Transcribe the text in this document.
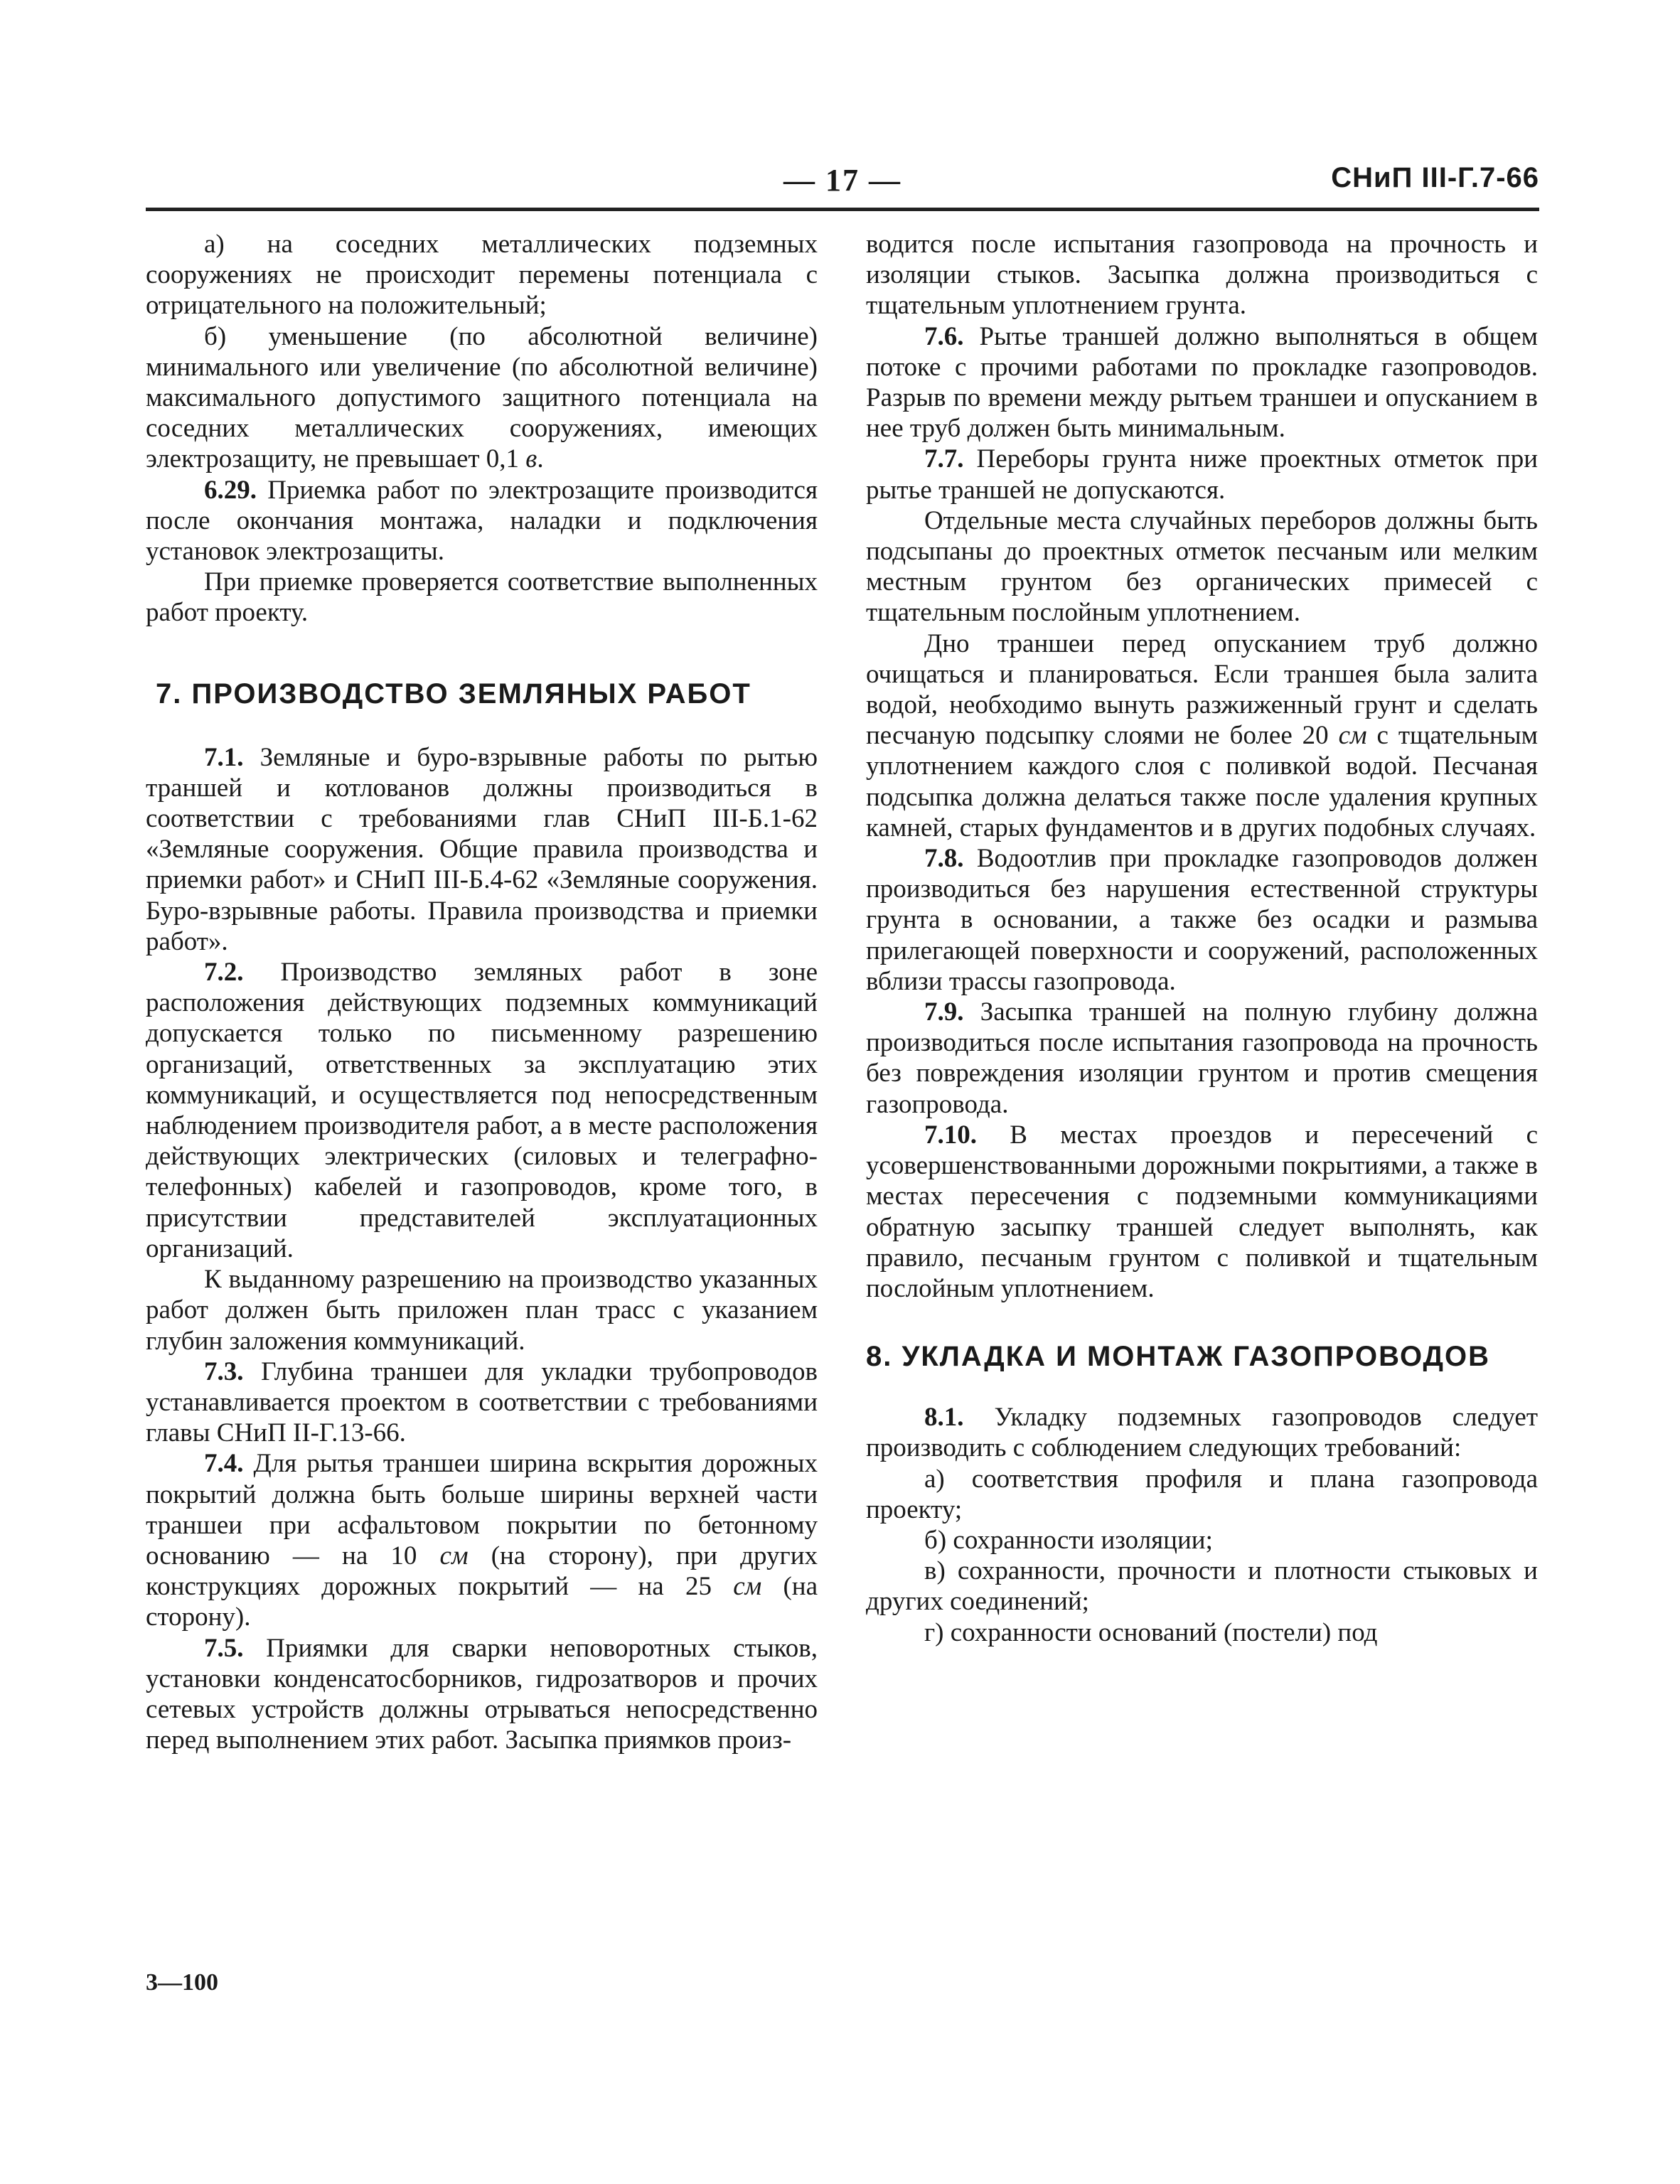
— 17 —	СНиП III-Г.7-66

а) на соседних металлических подземных сооружениях не происходит перемены потенциала с отрицательного на положительный;

б) уменьшение (по абсолютной величине) минимального или увеличение (по абсолютной величине) максимального допустимого защитного потенциала на соседних металлических сооружениях, имеющих электрозащиту, не превышает 0,1 в.

6.29. Приемка работ по электрозащите производится после окончания монтажа, наладки и подключения установок электрозащиты.

При приемке проверяется соответствие выполненных работ проекту.

7. ПРОИЗВОДСТВО ЗЕМЛЯНЫХ РАБОТ

7.1. Земляные и буро-взрывные работы по рытью траншей и котлованов должны производиться в соответствии с требованиями глав СНиП III-Б.1-62 «Земляные сооружения. Общие правила производства и приемки работ» и СНиП III-Б.4-62 «Земляные сооружения. Буро-взрывные работы. Правила производства и приемки работ».

7.2. Производство земляных работ в зоне расположения действующих подземных коммуникаций допускается только по письменному разрешению организаций, ответственных за эксплуатацию этих коммуникаций, и осуществляется под непосредственным наблюдением производителя работ, а в месте расположения действующих электрических (силовых и телеграфно-телефонных) кабелей и газопроводов, кроме того, в присутствии представителей эксплуатационных организаций.

К выданному разрешению на производство указанных работ должен быть приложен план трасс с указанием глубин заложения коммуникаций.

7.3. Глубина траншеи для укладки трубопроводов устанавливается проектом в соответствии с требованиями главы СНиП II-Г.13-66.

7.4. Для рытья траншеи ширина вскрытия дорожных покрытий должна быть больше ширины верхней части траншеи при асфальтовом покрытии по бетонному основанию — на 10 см (на сторону), при других конструкциях дорожных покрытий — на 25 см (на сторону).

7.5. Приямки для сварки неповоротных стыков, установки конденсатосборников, гидрозатворов и прочих сетевых устройств должны отрываться непосредственно перед выполнением этих работ. Засыпка приямков произ-

водится после испытания газопровода на прочность и изоляции стыков. Засыпка должна производиться с тщательным уплотнением грунта.

7.6. Рытье траншей должно выполняться в общем потоке с прочими работами по прокладке газопроводов. Разрыв по времени между рытьем траншеи и опусканием в нее труб должен быть минимальным.

7.7. Переборы грунта ниже проектных отметок при рытье траншей не допускаются.

Отдельные места случайных переборов должны быть подсыпаны до проектных отметок песчаным или мелким местным грунтом без органических примесей с тщательным послойным уплотнением.

Дно траншеи перед опусканием труб должно очищаться и планироваться. Если траншея была залита водой, необходимо вынуть разжиженный грунт и сделать песчаную подсыпку слоями не более 20 см с тщательным уплотнением каждого слоя с поливкой водой. Песчаная подсыпка должна делаться также после удаления крупных камней, старых фундаментов и в других подобных случаях.

7.8. Водоотлив при прокладке газопроводов должен производиться без нарушения естественной структуры грунта в основании, а также без осадки и размыва прилегающей поверхности и сооружений, расположенных вблизи трассы газопровода.

7.9. Засыпка траншей на полную глубину должна производиться после испытания газопровода на прочность без повреждения изоляции грунтом и против смещения газопровода.

7.10. В местах проездов и пересечений с усовершенствованными дорожными покрытиями, а также в местах пересечения с подземными коммуникациями обратную засыпку траншей следует выполнять, как правило, песчаным грунтом с поливкой и тщательным послойным уплотнением.

8. УКЛАДКА И МОНТАЖ ГАЗОПРОВОДОВ

8.1. Укладку подземных газопроводов следует производить с соблюдением следующих требований:

а) соответствия профиля и плана газопровода проекту;

б) сохранности изоляции;

в) сохранности, прочности и плотности стыковых и других соединений;

г) сохранности оснований (постели) под

3—100
